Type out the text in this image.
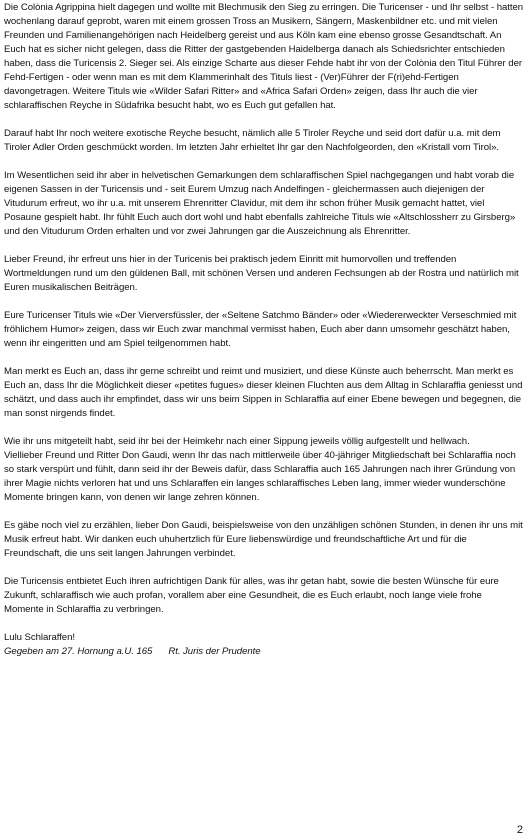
Die Colònia Agrippina hielt dagegen und wollte mit Blechmusik den Sieg zu erringen. Die Turicenser - und Ihr selbst - hatten wochenlang darauf geprobt, waren mit einem grossen Tross an Musikern, Sängern, Maskenbildner etc. und mit vielen Freunden und Familienangehörigen nach Heidelberg gereist und aus Köln kam eine ebenso grosse Gesandtschaft. An Euch hat es sicher nicht gelegen, dass die Ritter der gastgebenden Haidelberga danach als Schiedsrichter entschieden haben, dass die Turicensis 2. Sieger sei. Als einzige Scharte aus dieser Fehde habt ihr von der Colònia den Titul Führer der Fehd-Fertigen - oder wenn man es mit dem Klammerinhalt des Tituls liest - (Ver)Führer der F(ri)ehd-Fertigen davongetragen. Weitere Tituls wie «Wilder Safari Ritter» and «Africa Safari Orden» zeigen, dass Ihr auch die vier schlaraffischen Reyche in Südafrika besucht habt, wo es Euch gut gefallen hat.

Darauf habt Ihr noch weitere exotische Reyche besucht, nämlich alle 5 Tiroler Reyche und seid dort dafür u.a. mit dem Tiroler Adler Orden geschmückt worden. Im letzten Jahr erhieltet Ihr gar den Nachfolgeorden, den «Kristall vom Tirol».

Im Wesentlichen seid ihr aber in helvetischen Gemarkungen dem schlaraffischen Spiel nachgegangen und habt vorab die eigenen Sassen in der Turicensis und - seit Eurem Umzug nach Andelfingen - gleichermassen auch diejenigen der Vitudurum erfreut, wo ihr u.a. mit unserem Ehrenritter Clavidur, mit dem ihr schon früher Musik gemacht hattet, viel Posaune gespielt habt. Ihr fühlt Euch auch dort wohl und habt ebenfalls zahlreiche Tituls wie «Altschlossherr zu Girsberg» und den Vitudurum Orden erhalten und vor zwei Jahrungen gar die Auszeichnung als Ehrenritter.

Lieber Freund, ihr erfreut uns hier in der Turicenis bei praktisch jedem Einritt mit humorvollen und treffenden Wortmeldungen rund um den güldenen Ball, mit schönen Versen und anderen Fechsungen ab der Rostra und natürlich mit Euren musikalischen Beiträgen.

Eure Turicenser Tituls wie «Der Vierversfüssler, der «Seltene Satchmo Bänder» oder «Wiedererweckter Verseschmied mit fröhlichem Humor» zeigen, dass wir Euch zwar manchmal vermisst haben, Euch aber dann umsomehr geschätzt haben, wenn ihr eingeritten und am Spiel teilgenommen habt.

Man merkt es Euch an, dass ihr gerne schreibt und reimt und musiziert, und diese Künste auch beherrscht. Man merkt es Euch an, dass Ihr die Möglichkeit dieser «petites fugues» dieser kleinen Fluchten aus dem Alltag in Schlaraffia geniesst und schätzt, und dass auch ihr empfindet, dass wir uns beim Sippen in Schlaraffia auf einer Ebene bewegen und begegnen, die man sonst nirgends findet.

Wie ihr uns mitgeteilt habt, seid ihr bei der Heimkehr nach einer Sippung jeweils völlig aufgestellt und hellwach.

Viellieber Freund und Ritter Don Gaudi, wenn Ihr das nach mittlerweile über 40-jähriger Mitgliedschaft bei Schlaraffia noch so stark verspürt und fühlt, dann seid ihr der Beweis dafür, dass Schlaraffia auch 165 Jahrungen nach ihrer Gründung von ihrer Magie nichts verloren hat und uns Schlaraffen ein langes schlaraffisches Leben lang, immer wieder wunderschöne Momente bringen kann, von denen wir lange zehren können.

Es gäbe noch viel zu erzählen, lieber Don Gaudi, beispielsweise von den unzähligen schönen Stunden, in denen ihr uns mit Musik erfreut habt. Wir danken euch uhuhertzlich für Eure liebenswürdige und freundschaftliche Art und für die Freundschaft, die uns seit langen Jahrungen verbindet.

Die Turicensis entbietet Euch ihren aufrichtigen Dank für alles, was ihr getan habt, sowie die besten Wünsche für eure Zukunft, schlaraffisch wie auch profan, vorallem aber eine Gesundheit, die es Euch erlaubt, noch lange viele frohe Momente in Schlaraffia zu verbringen.

Lulu Schlaraffen!

Gegeben am 27. Hornung a.U. 165 Rt. Juris der Prudente

2
